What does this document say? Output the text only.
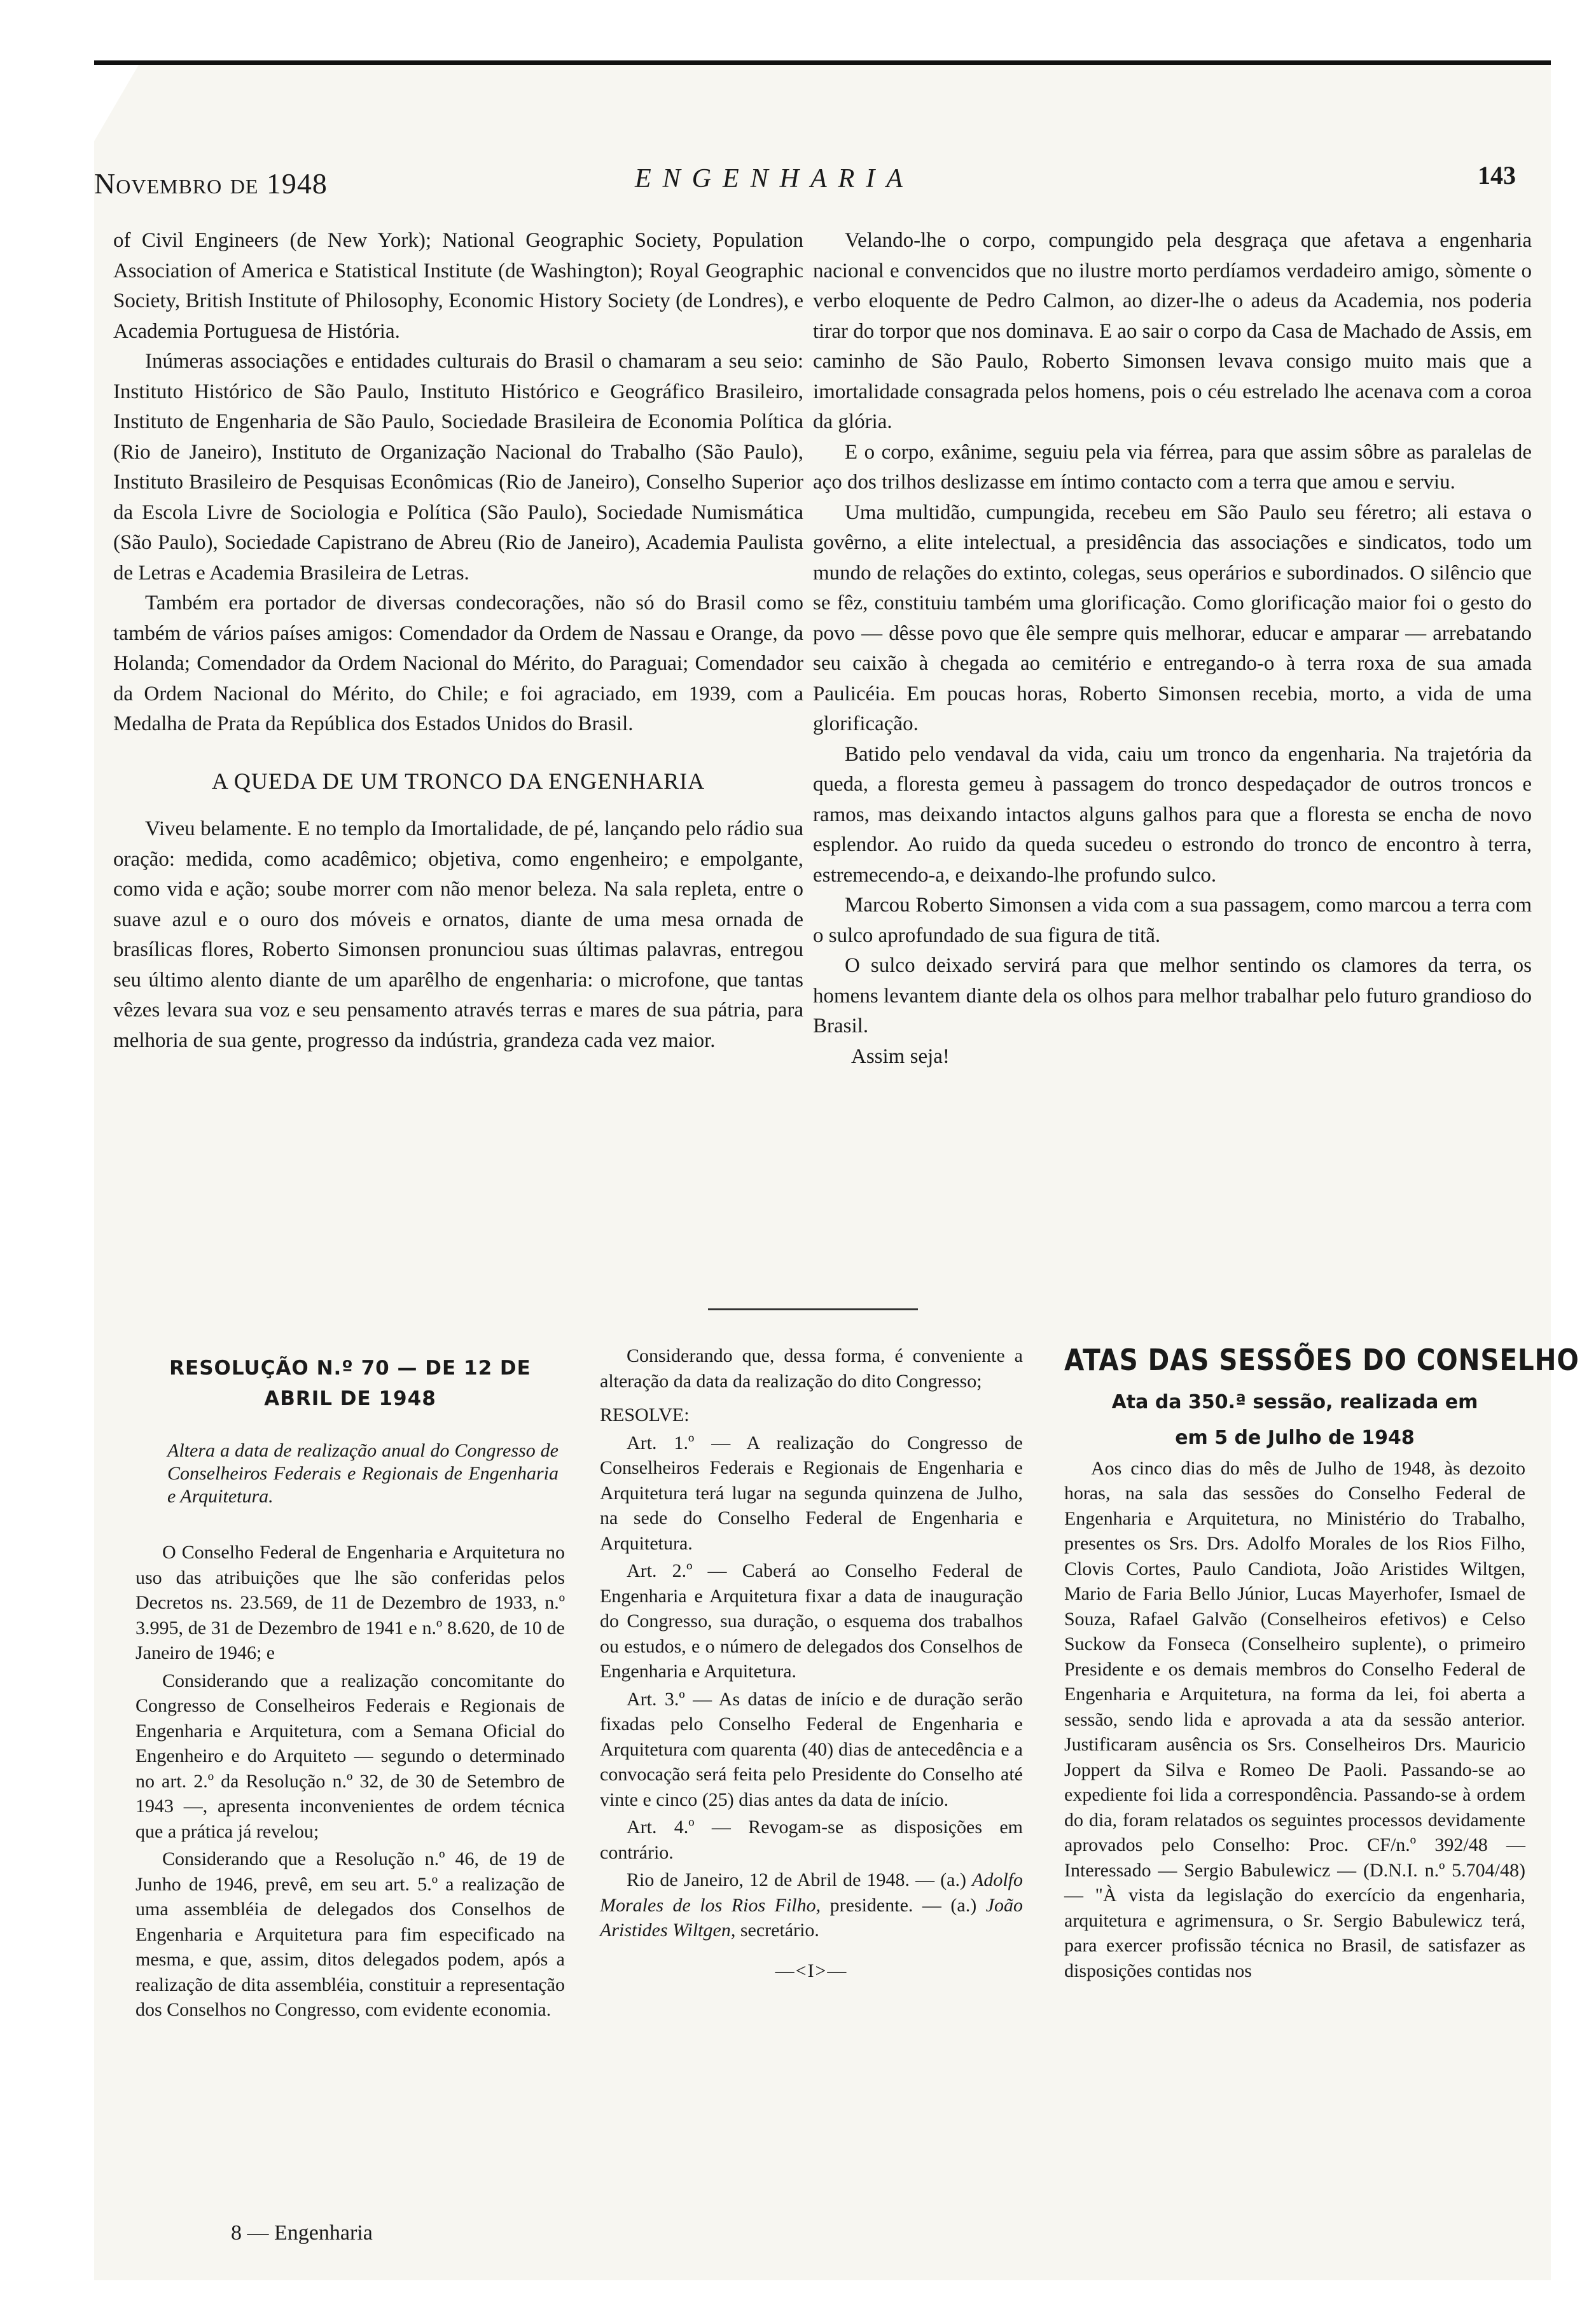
Novembro de 1948	ENGENHARIA	143

of Civil Engineers (de New York); National Geographic Society, Population Association of America e Statistical Institute (de Washington); Royal Geographic Society, British Institute of Philosophy, Economic History Society (de Londres), e Academia Portuguesa de História.

Inúmeras associações e entidades culturais do Brasil o chamaram a seu seio: Instituto Histórico de São Paulo, Instituto Histórico e Geográfico Brasileiro, Instituto de Engenharia de São Paulo, Sociedade Brasileira de Economia Política (Rio de Janeiro), Instituto de Organização Nacional do Trabalho (São Paulo), Instituto Brasileiro de Pesquisas Econômicas (Rio de Janeiro), Conselho Superior da Escola Livre de Sociologia e Política (São Paulo), Sociedade Numismática (São Paulo), Sociedade Capistrano de Abreu (Rio de Janeiro), Academia Paulista de Letras e Academia Brasileira de Letras.

Também era portador de diversas condecorações, não só do Brasil como também de vários países amigos: Comendador da Ordem de Nassau e Orange, da Holanda; Comendador da Ordem Nacional do Mérito, do Paraguai; Comendador da Ordem Nacional do Mérito, do Chile; e foi agraciado, em 1939, com a Medalha de Prata da República dos Estados Unidos do Brasil.

A QUEDA DE UM TRONCO DA ENGENHARIA

Viveu belamente. E no templo da Imortalidade, de pé, lançando pelo rádio sua oração: medida, como acadêmico; objetiva, como engenheiro; e empolgante, como vida e ação; soube morrer com não menor beleza. Na sala repleta, entre o suave azul e o ouro dos móveis e ornatos, diante de uma mesa ornada de brasílicas flores, Roberto Simonsen pronunciou suas últimas palavras, entregou seu último alento diante de um aparêlho de engenharia: o microfone, que tantas vêzes levara sua voz e seu pensamento através terras e mares de sua pátria, para melhoria de sua gente, progresso da indústria, grandeza cada vez maior.

Velando-lhe o corpo, compungido pela desgraça que afetava a engenharia nacional e convencidos que no ilustre morto perdíamos verdadeiro amigo, sòmente o verbo eloquente de Pedro Calmon, ao dizer-lhe o adeus da Academia, nos poderia tirar do torpor que nos dominava. E ao sair o corpo da Casa de Machado de Assis, em caminho de São Paulo, Roberto Simonsen levava consigo muito mais que a imortalidade consagrada pelos homens, pois o céu estrelado lhe acenava com a coroa da glória.

E o corpo, exânime, seguiu pela via férrea, para que assim sôbre as paralelas de aço dos trilhos deslizasse em íntimo contacto com a terra que amou e serviu.

Uma multidão, cumpungida, recebeu em São Paulo seu féretro; ali estava o govêrno, a elite intelectual, a presidência das associações e sindicatos, todo um mundo de relações do extinto, colegas, seus operários e subordinados. O silêncio que se fêz, constituiu também uma glorificação. Como glorificação maior foi o gesto do povo — dêsse povo que êle sempre quis melhorar, educar e amparar — arrebatando seu caixão à chegada ao cemitério e entregando-o à terra roxa de sua amada Paulicéia. Em poucas horas, Roberto Simonsen recebia, morto, a vida de uma glorificação.

Batido pelo vendaval da vida, caiu um tronco da engenharia. Na trajetória da queda, a floresta gemeu à passagem do tronco despedaçador de outros troncos e ramos, mas deixando intactos alguns galhos para que a floresta se encha de novo esplendor. Ao ruido da queda sucedeu o estrondo do tronco de encontro à terra, estremecendo-a, e deixando-lhe profundo sulco.

Marcou Roberto Simonsen a vida com a sua passagem, como marcou a terra com o sulco aprofundado de sua figura de titã.

O sulco deixado servirá para que melhor sentindo os clamores da terra, os homens levantem diante dela os olhos para melhor trabalhar pelo futuro grandioso do Brasil.

Assim seja!

RESOLUÇÃO N.º 70 — DE 12 DE
ABRIL DE 1948

Altera a data de realização anual do Congresso de Conselheiros Federais e Regionais de Engenharia e Arquitetura.

O Conselho Federal de Engenharia e Arquitetura no uso das atribuições que lhe são conferidas pelos Decretos ns. 23.569, de 11 de Dezembro de 1933, n.º 3.995, de 31 de Dezembro de 1941 e n.º 8.620, de 10 de Janeiro de 1946; e

Considerando que a realização concomitante do Congresso de Conselheiros Federais e Regionais de Engenharia e Arquitetura, com a Semana Oficial do Engenheiro e do Arquiteto — segundo o determinado no art. 2.º da Resolução n.º 32, de 30 de Setembro de 1943 —, apresenta inconvenientes de ordem técnica que a prática já revelou;

Considerando que a Resolução n.º 46, de 19 de Junho de 1946, prevê, em seu art. 5.º a realização de uma assembléia de delegados dos Conselhos de Engenharia e Arquitetura para fim especificado na mesma, e que, assim, ditos delegados podem, após a realização de dita assembléia, constituir a representação dos Conselhos no Congresso, com evidente economia.

Considerando que, dessa forma, é conveniente a alteração da data da realização do dito Congresso;

RESOLVE:

Art. 1.º — A realização do Congresso de Conselheiros Federais e Regionais de Engenharia e Arquitetura terá lugar na segunda quinzena de Julho, na sede do Conselho Federal de Engenharia e Arquitetura.

Art. 2.º — Caberá ao Conselho Federal de Engenharia e Arquitetura fixar a data de inauguração do Congresso, sua duração, o esquema dos trabalhos ou estudos, e o número de delegados dos Conselhos de Engenharia e Arquitetura.

Art. 3.º — As datas de início e de duração serão fixadas pelo Conselho Federal de Engenharia e Arquitetura com quarenta (40) dias de antecedência e a convocação será feita pelo Presidente do Conselho até vinte e cinco (25) dias antes da data de início.

Art. 4.º — Revogam-se as disposições em contrário.

Rio de Janeiro, 12 de Abril de 1948. — (a.) Adolfo Morales de los Rios Filho, presidente. — (a.) João Aristides Wiltgen, secretário.

—<I>—
ATAS DAS SESSÕES DO CONSELHO
Ata da 350.ª sessão, realizada em
em 5 de Julho de 1948

Aos cinco dias do mês de Julho de 1948, às dezoito horas, na sala das sessões do Conselho Federal de Engenharia e Arquitetura, no Ministério do Trabalho, presentes os Srs. Drs. Adolfo Morales de los Rios Filho, Clovis Cortes, Paulo Candiota, João Aristides Wiltgen, Mario de Faria Bello Júnior, Lucas Mayerhofer, Ismael de Souza, Rafael Galvão (Conselheiros efetivos) e Celso Suckow da Fonseca (Conselheiro suplente), o primeiro Presidente e os demais membros do Conselho Federal de Engenharia e Arquitetura, na forma da lei, foi aberta a sessão, sendo lida e aprovada a ata da sessão anterior. Justificaram ausência os Srs. Conselheiros Drs. Mauricio Joppert da Silva e Romeo De Paoli. Passando-se ao expediente foi lida a correspondência. Passando-se à ordem do dia, foram relatados os seguintes processos devidamente aprovados pelo Conselho: Proc. CF/n.º 392/48 — Interessado — Sergio Babulewicz — (D.N.I. n.º 5.704/48) — "À vista da legislação do exercício da engenharia, arquitetura e agrimensura, o Sr. Sergio Babulewicz terá, para exercer profissão técnica no Brasil, de satisfazer as disposições contidas nos

8 — Engenharia
